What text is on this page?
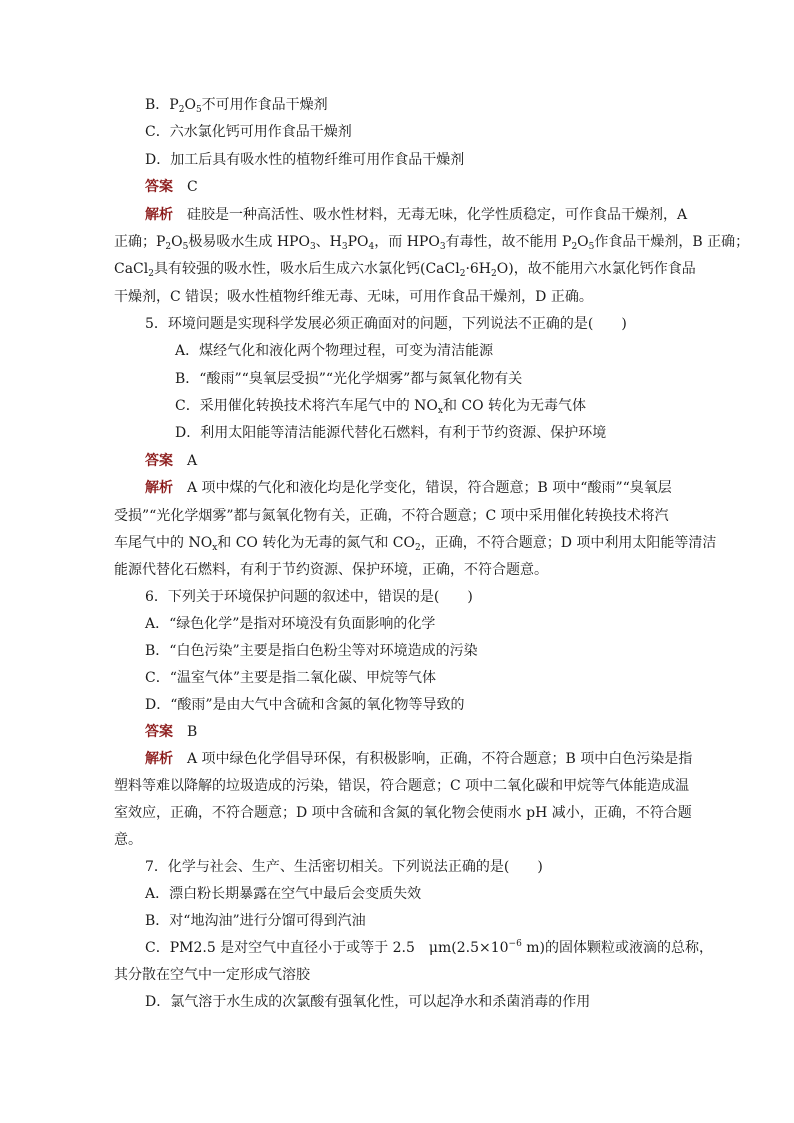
B．$P_2O_5$不可用作食品干燥剂
C．六水氯化钙可用作食品干燥剂
D．加工后具有吸水性的植物纤维可用作食品干燥剂
答案 C
解析 硅胶是一种高活性、吸水性材料，无毒无味，化学性质稳定，可作食品干燥剂，A
正确；$P_2O_5$极易吸水生成 $HPO_3$、$H_3PO_4$，而 $HPO_3$有毒性，故不能用 $P_2O_5$作食品干燥剂，B 正确；
CaCl$_2$具有较强的吸水性，吸水后生成六水氯化钙$(CaCl_2\cdot 6H_2O)$，故不能用六水氯化钙作食品
干燥剂，C 错误；吸水性植物纤维无毒、无味，可用作食品干燥剂，D 正确。
5．环境问题是实现科学发展必须正确面对的问题，下列说法不正确的是(　　)
A．煤经气化和液化两个物理过程，可变为清洁能源
B．“酸雨”“臭氧层受损”“光化学烟雾”都与氮氧化物有关
C．采用催化转换技术将汽车尾气中的 $NO_x$和 CO 转化为无毒气体
D．利用太阳能等清洁能源代替化石燃料，有利于节约资源、保护环境
答案 A
解析 A 项中煤的气化和液化均是化学变化，错误，符合题意；B 项中“酸雨”“臭氧层
受损”“光化学烟雾”都与氮氧化物有关，正确，不符合题意；C 项中采用催化转换技术将汽
车尾气中的 $NO_x$和 CO 转化为无毒的氮气和 $CO_2$，正确，不符合题意；D 项中利用太阳能等清洁
能源代替化石燃料，有利于节约资源、保护环境，正确，不符合题意。
6．下列关于环境保护问题的叙述中，错误的是(　　)
A．“绿色化学”是指对环境没有负面影响的化学
B．“白色污染”主要是指白色粉尘等对环境造成的污染
C．“温室气体”主要是指二氧化碳、甲烷等气体
D．“酸雨”是由大气中含硫和含氮的氧化物等导致的
答案 B
解析 A 项中绿色化学倡导环保，有积极影响，正确，不符合题意；B 项中白色污染是指
塑料等难以降解的垃圾造成的污染，错误，符合题意；C 项中二氧化碳和甲烷等气体能造成温
室效应，正确，不符合题意；D 项中含硫和含氮的氧化物会使雨水 pH 减小，正确，不符合题
意。
7．化学与社会、生产、生活密切相关。下列说法正确的是(　　)
A．漂白粉长期暴露在空气中最后会变质失效
B．对“地沟油”进行分馏可得到汽油
C．PM2.5 是对空气中直径小于或等于 2.5　$\mu m(2.5\times 10^{-6}$ m)的固体颗粒或液滴的总称，
其分散在空气中一定形成气溶胶
D．氯气溶于水生成的次氯酸有强氧化性，可以起净水和杀菌消毒的作用
